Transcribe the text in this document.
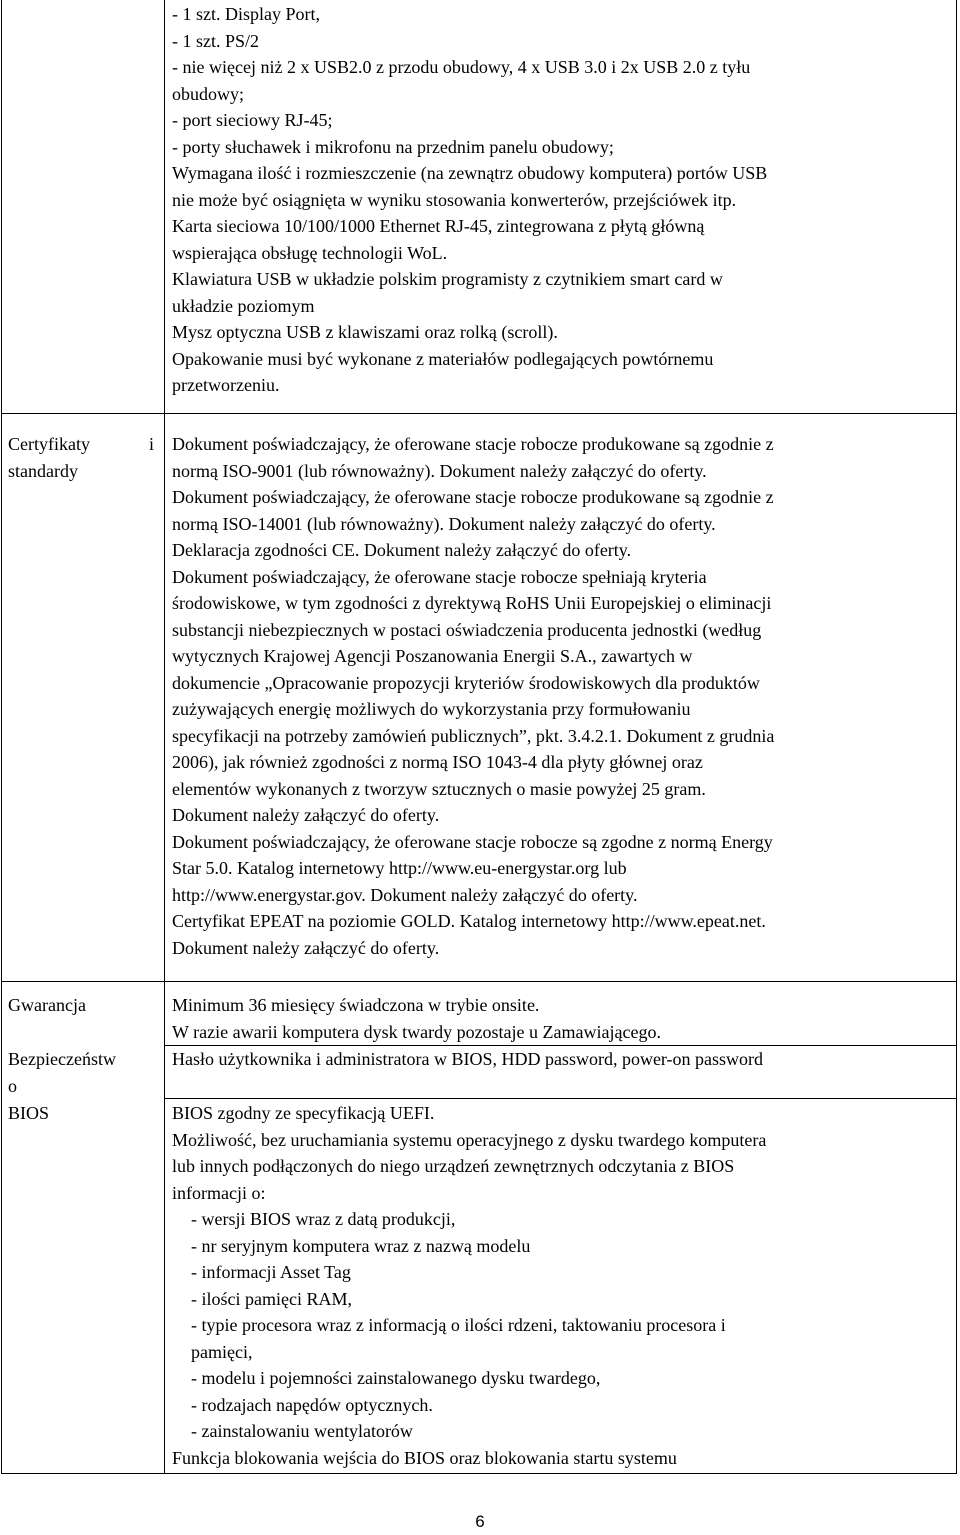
- 1 szt. Display Port,
- 1 szt. PS/2
- nie więcej niż 2 x USB2.0 z przodu obudowy, 4 x USB 3.0 i 2x USB 2.0 z tyłu
obudowy;
- port sieciowy RJ-45;
- porty słuchawek i mikrofonu na przednim panelu obudowy;
Wymagana ilość i rozmieszczenie (na zewnątrz obudowy komputera) portów USB
nie może być osiągnięta w wyniku stosowania konwerterów, przejściówek itp.
Karta sieciowa 10/100/1000 Ethernet RJ-45, zintegrowana z płytą główną
wspierająca obsługę technologii WoL.
Klawiatura USB w układzie polskim programisty z czytnikiem smart card w
układzie poziomym
Mysz optyczna USB z klawiszami oraz rolką (scroll).
Opakowanie musi być wykonane z materiałów podlegających powtórnemu
przetworzeniu.
Certyfikaty
standardy
i Dokument poświadczający, że oferowane stacje robocze produkowane są zgodnie z
normą ISO-9001 (lub równoważny). Dokument należy załączyć do oferty.
Dokument poświadczający, że oferowane stacje robocze produkowane są zgodnie z
normą ISO-14001 (lub równoważny). Dokument należy załączyć do oferty.
Deklaracja zgodności CE. Dokument należy załączyć do oferty.
Dokument poświadczający, że oferowane stacje robocze spełniają kryteria
środowiskowe, w tym zgodności z dyrektywą RoHS Unii Europejskiej o eliminacji
substancji niebezpiecznych w postaci oświadczenia producenta jednostki (według
wytycznych Krajowej Agencji Poszanowania Energii S.A., zawartych w
dokumencie „Opracowanie propozycji kryteriów środowiskowych dla produktów
zużywających energię możliwych do wykorzystania przy formułowaniu
specyfikacji na potrzeby zamówień publicznych”, pkt. 3.4.2.1. Dokument z grudnia
2006), jak również zgodności z normą ISO 1043-4 dla płyty głównej oraz
elementów wykonanych z tworzyw sztucznych o masie powyżej 25 gram.
Dokument należy załączyć do oferty.
Dokument poświadczający, że oferowane stacje robocze są zgodne z normą Energy
Star 5.0. Katalog internetowy http://www.eu-energystar.org lub
http://www.energystar.gov. Dokument należy załączyć do oferty.
Certyfikat EPEAT na poziomie GOLD. Katalog internetowy http://www.epeat.net.
Dokument należy załączyć do oferty.
Gwarancja	Minimum 36 miesięcy świadczona w trybie onsite.
W razie awarii komputera dysk twardy pozostaje u Zamawiającego.
Bezpieczeństw
o
Hasło użytkownika i administratora w BIOS, HDD password, power-on password
BIOS	BIOS zgodny ze specyfikacją UEFI.
Możliwość, bez uruchamiania systemu operacyjnego z dysku twardego komputera
lub innych podłączonych do niego urządzeń zewnętrznych odczytania z BIOS
informacji o:
- wersji BIOS wraz z datą produkcji,
- nr seryjnym komputera wraz z nazwą modelu
- informacji Asset Tag
- ilości pamięci RAM,
- typie procesora wraz z informacją o ilości rdzeni, taktowaniu procesora i
pamięci,
- modelu i pojemności zainstalowanego dysku twardego,
- rodzajach napędów optycznych.
- zainstalowaniu wentylatorów
Funkcja blokowania wejścia do BIOS oraz blokowania startu systemu
6
